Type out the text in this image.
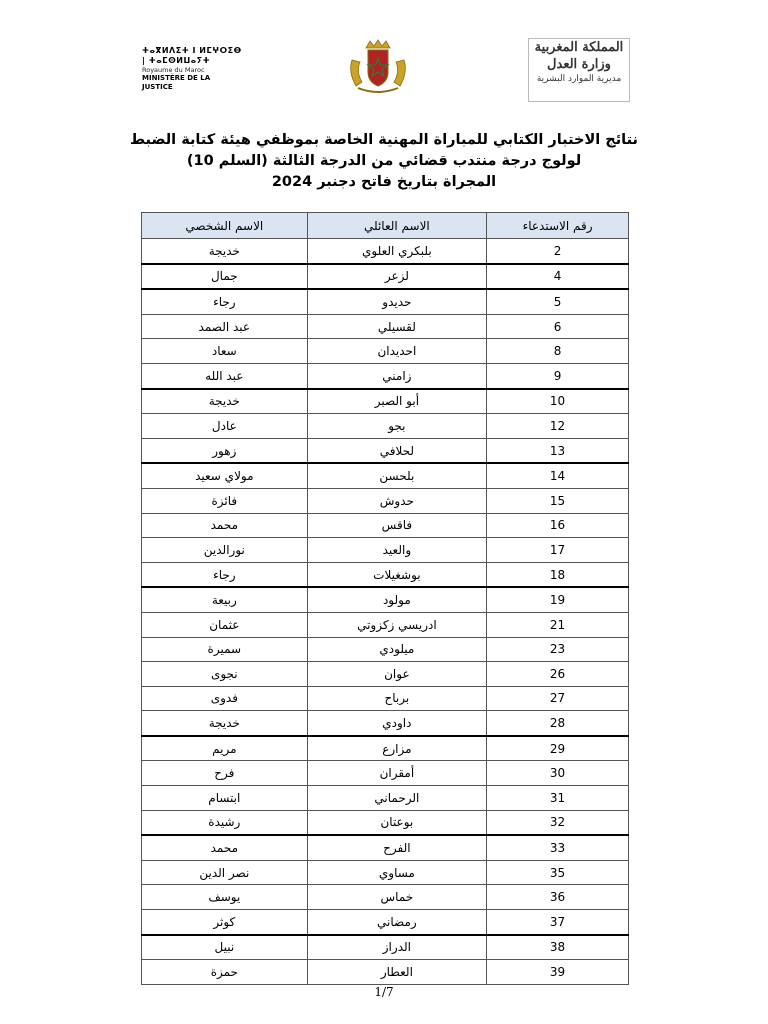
ⵜⴰⴳⵍⴷⵉⵜ ⵏ ⵍⵎⵖⵔⵉⴱ | ⵜⴰⵎⵙⵍⵡⴰⵢⵜ
Royaume du Maroc
MINISTÈRE DE LA JUSTICE
المملكة المغربية
وزارة العدل
مديرية الموارد البشرية
نتائج الاختبار الكتابي للمباراة المهنية الخاصة بموظفي هيئة كتابة الضبط
لولوج درجة منتدب قضائي من الدرجة الثالثة (السلم 10)
المجراة بتاريخ فاتح دجنبر 2024
رقم الاستدعاء	الاسم العائلي	الاسم الشخصي
2	بلبكري العلوي	خديجة
4	لزعر	جمال
5	حديدو	رجاء
6	لقسيلي	عبد الصمد
8	احديدان	سعاد
9	زامني	عبد الله
10	أبو الصبر	خديجة
12	بجو	عادل
13	لحلافي	زهور
14	بلحسن	مولاي سعيد
15	حدوش	فائزة
16	فاقس	محمد
17	والعيد	نورالدين
18	بوشغيلات	رجاء
19	مولود	ربيعة
21	ادريسي زكزوتي	عثمان
23	ميلودي	سميرة
26	عوان	نجوى
27	برباح	فدوى
28	داودي	خديجة
29	مزارع	مريم
30	أمقران	فرح
31	الرحماني	ابتسام
32	بوعتان	رشيدة
33	الفرح	محمد
35	مساوي	نصر الدين
36	خماس	يوسف
37	رمضاني	كوثر
38	الدراز	نبيل
39	العطار	حمزة
1/7
